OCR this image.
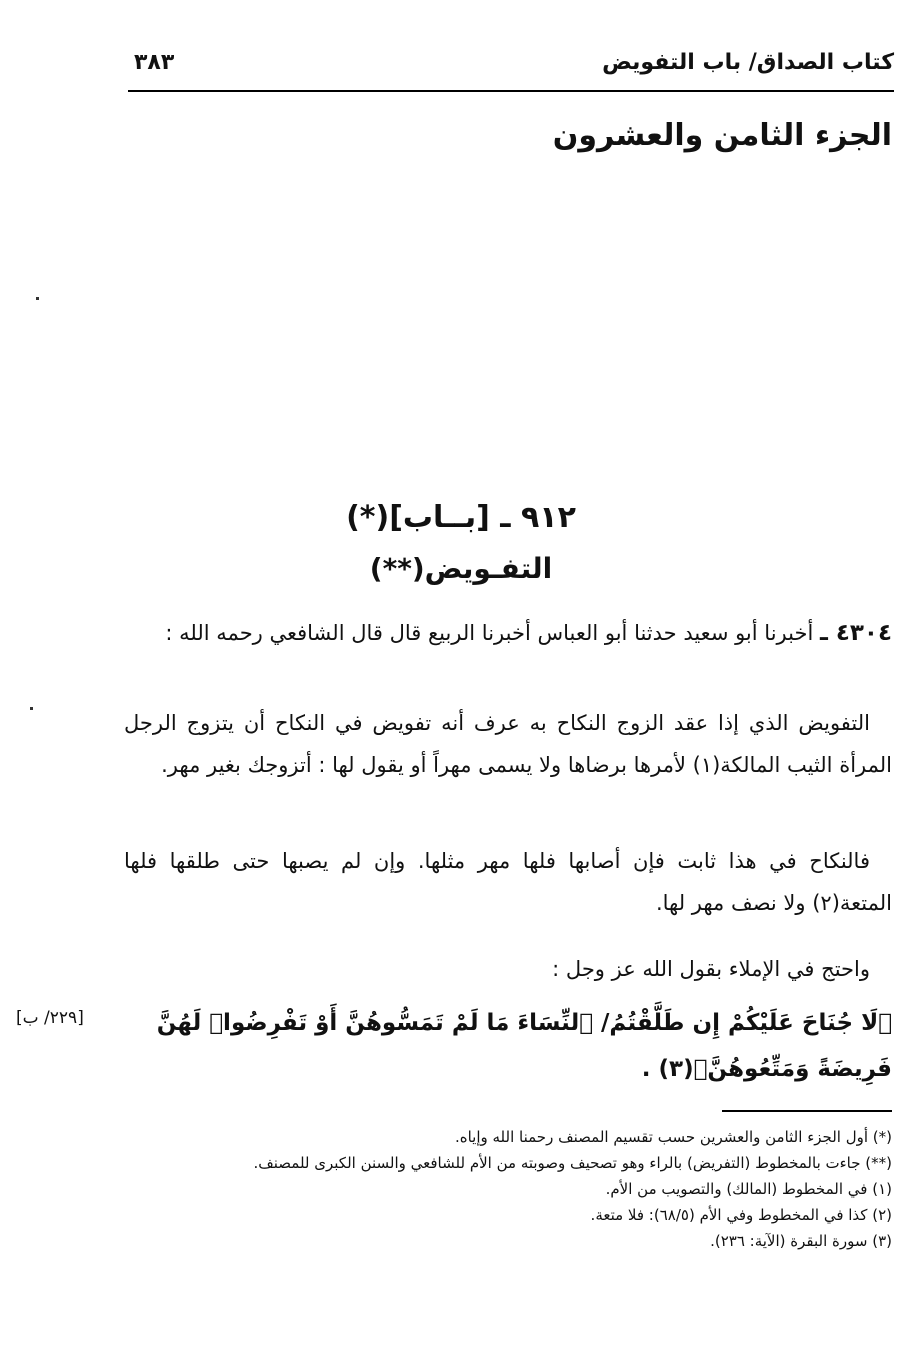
كتاب الصداق/ باب التفويض
٣٨٣
الجزء الثامن والعشرون
٩١٢ ـ [بــاب](*)
التفـويض(**)
٤٣٠٤ ـ أخبرنا أبو سعيد حدثنا أبو العباس أخبرنا الربيع قال قال الشافعي رحمه الله :
التفويض الذي إذا عقد الزوج النكاح به عرف أنه تفويض في النكاح أن يتزوج الرجل المرأة الثيب المالكة(١) لأمرها برضاها ولا يسمى مهراً أو يقول لها : أتزوجك بغير مهر.
فالنكاح في هذا ثابت فإن أصابها فلها مهر مثلها. وإن لم يصبها حتى طلقها فلها المتعة(٢) ولا نصف مهر لها.
واحتج في الإملاء بقول الله عز وجل :
﴿لَا جُنَاحَ عَلَيْكُمْ إِن طَلَّقْتُمُ/ ٱلنِّسَاءَ مَا لَمْ تَمَسُّوهُنَّ أَوْ تَفْرِضُوا۟ لَهُنَّ فَرِيضَةً وَمَتِّعُوهُنَّ﴾(٣) .
[٢٢٩/ ب]
(*) أول الجزء الثامن والعشرين حسب تقسيم المصنف رحمنا الله وإياه.
(**) جاءت بالمخطوط (التفريض) بالراء وهو تصحيف وصوبته من الأم للشافعي والسنن الكبرى للمصنف.
(١) في المخطوط (المالك) والتصويب من الأم.
(٢) كذا في المخطوط وفي الأم (٦٨/٥): فلا متعة.
(٣) سورة البقرة (الآية: ٢٣٦).
